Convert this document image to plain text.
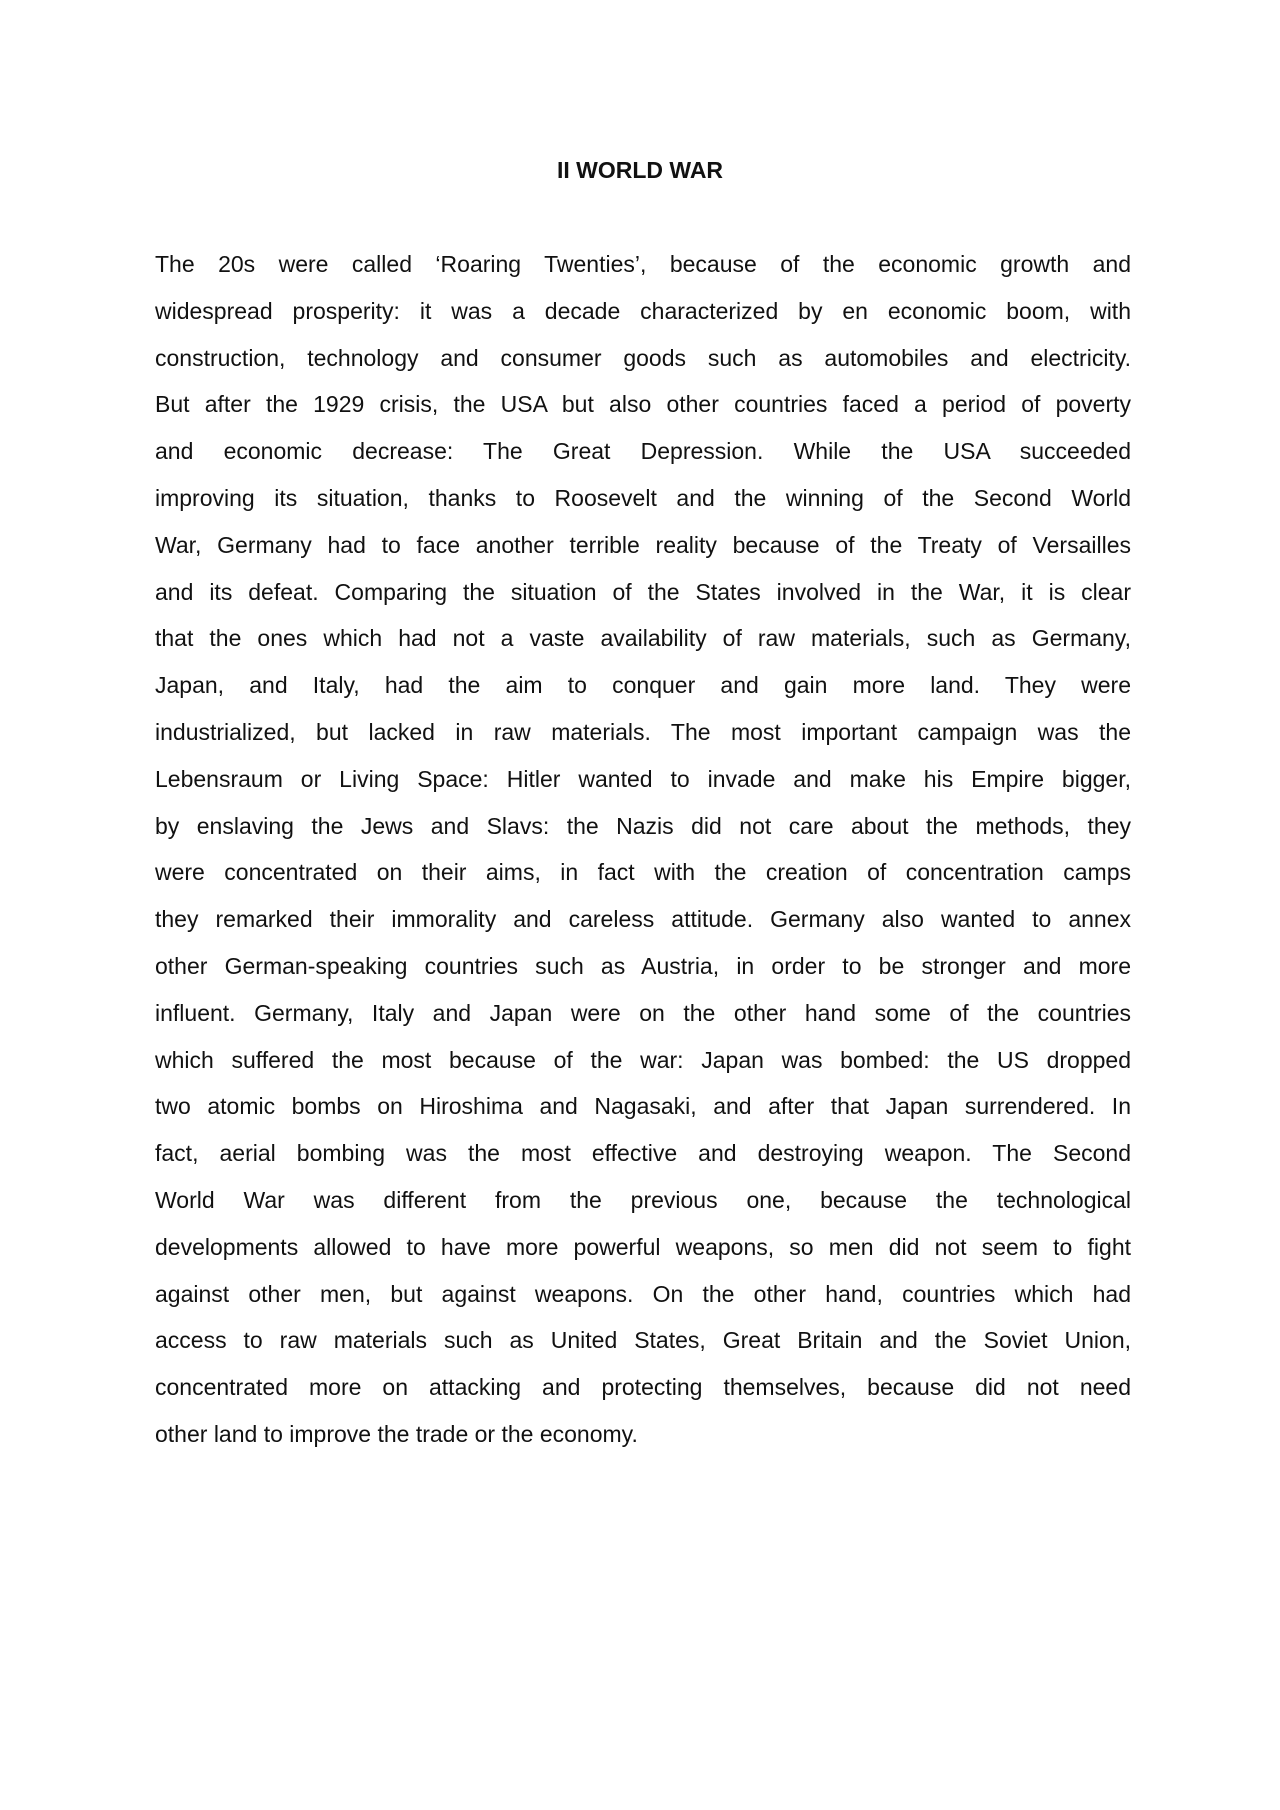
II WORLD WAR
The 20s were called ‘Roaring Twenties’, because of the economic growth and
widespread prosperity: it was a decade characterized by en economic boom, with
construction, technology and consumer goods such as automobiles and electricity.
But after the 1929 crisis, the USA but also other countries faced a period of poverty
and economic decrease: The Great Depression. While the USA succeeded
improving its situation, thanks to Roosevelt and the winning of the Second World
War, Germany had to face another terrible reality because of the Treaty of Versailles
and its defeat. Comparing the situation of the States involved in the War, it is clear
that the ones which had not a vaste availability of raw materials, such as Germany,
Japan, and Italy, had the aim to conquer and gain more land. They were
industrialized, but lacked in raw materials. The most important campaign was the
Lebensraum or Living Space: Hitler wanted to invade and make his Empire bigger,
by enslaving the Jews and Slavs: the Nazis did not care about the methods, they
were concentrated on their aims, in fact with the creation of concentration camps
they remarked their immorality and careless attitude. Germany also wanted to annex
other German-speaking countries such as Austria, in order to be stronger and more
influent. Germany, Italy and Japan were on the other hand some of the countries
which suffered the most because of the war: Japan was bombed: the US dropped
two atomic bombs on Hiroshima and Nagasaki, and after that Japan surrendered. In
fact, aerial bombing was the most effective and destroying weapon. The Second
World War was different from the previous one, because the technological
developments allowed to have more powerful weapons, so men did not seem to fight
against other men, but against weapons. On the other hand, countries which had
access to raw materials such as United States, Great Britain and the Soviet Union,
concentrated more on attacking and protecting themselves, because did not need
other land to improve the trade or the economy.
